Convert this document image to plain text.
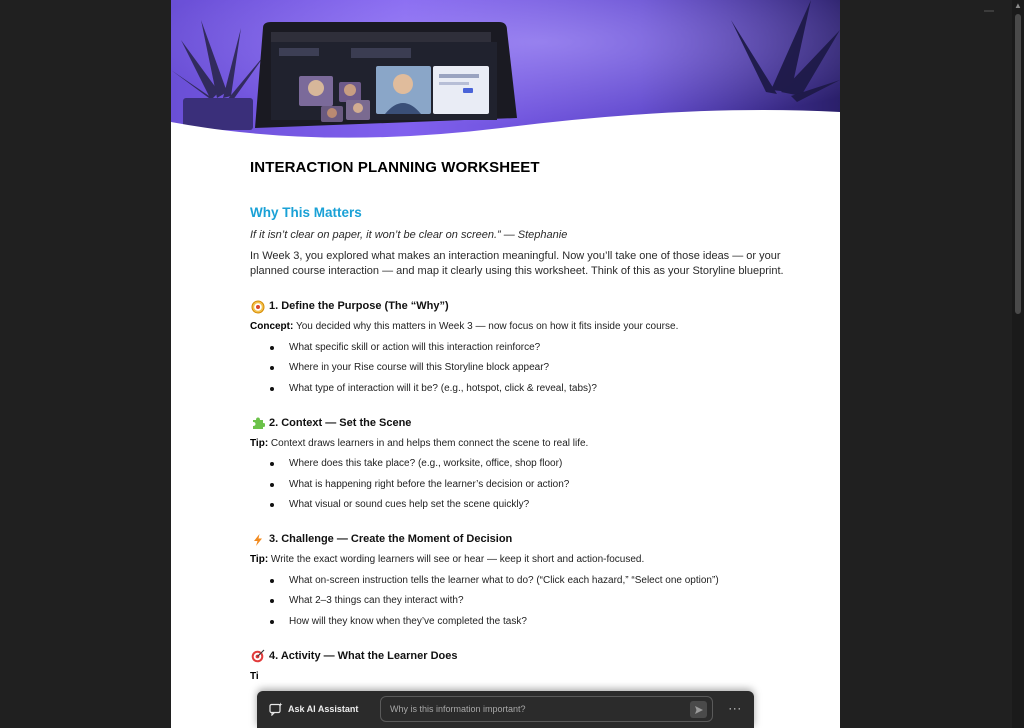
▲
INTERACTION PLANNING WORKSHEET
Why This Matters
If it isn’t clear on paper, it won’t be clear on screen.” — Stephanie
In Week 3, you explored what makes an interaction meaningful. Now you’ll take one of those ideas — or your planned course interaction — and map it clearly using this worksheet. Think of this as your Storyline blueprint.
1. Define the Purpose (The “Why”)
Concept: You decided why this matters in Week 3 — now focus on how it fits inside your course.
What specific skill or action will this interaction reinforce?
Where in your Rise course will this Storyline block appear?
What type of interaction will it be? (e.g., hotspot, click & reveal, tabs)?
2. Context — Set the Scene
Tip: Context draws learners in and helps them connect the scene to real life.
Where does this take place? (e.g., worksite, office, shop floor)
What is happening right before the learner’s decision or action?
What visual or sound cues help set the scene quickly?
3. Challenge — Create the Moment of Decision
Tip: Write the exact wording learners will see or hear — keep it short and action-focused.
What on-screen instruction tells the learner what to do? (“Click each hazard,” “Select one option”)
What 2–3 things can they interact with?
How will they know when they’ve completed the task?
4. Activity — What the Learner Does
Ti
Ask AI Assistant
Why is this information important?	···
